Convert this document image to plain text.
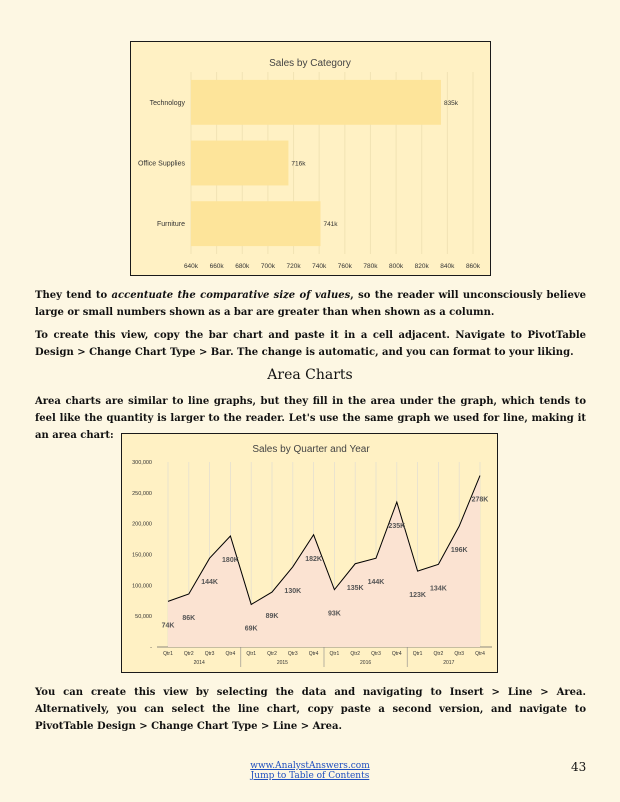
Sales by Category
640k 660k 680k 700k 720k 740k 760k 780k 800k 820k 840k 860k
Technology	835k
Office Supplies	716k
Furniture	741k

They tend to accentuate the comparative size of values, so the reader will unconsciously believe large or small numbers shown as a bar are greater than when shown as a column.

To create this view, copy the bar chart and paste it in a cell adjacent. Navigate to PivotTable Design > Change Chart Type > Bar. The change is automatic, and you can format to your liking.

Area Charts

Area charts are similar to line graphs, but they fill in the area under the graph, which tends to feel like the quantity is larger to the reader. Let's use the same graph we used for line, making it an area chart:

Sales by Quarter and Year
-
50,000
100,000
150,000
200,000
250,000
300,000
74K
86K
144K
180K
69K
89K
130K
182K
93K
135K
144K
235K
123K
134K
196K
278K
Qtr1 Qtr2 Qtr3 Qtr4 Qtr1 Qtr2 Qtr3 Qtr4 Qtr1 Qtr2 Qtr3 Qtr4 Qtr1 Qtr2 Qtr3 Qtr4
2014	2015	2016	2017

You can create this view by selecting the data and navigating to Insert > Line > Area. Alternatively, you can select the line chart, copy paste a second version, and navigate to PivotTable Design > Change Chart Type > Line > Area.

www.AnalystAnswers.com
Jump to Table of Contents
43
